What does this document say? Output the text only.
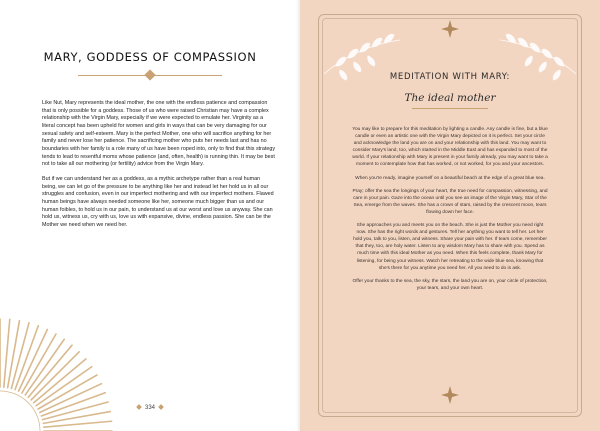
MARY, GODDESS OF COMPASSION

Like Nut, Mary represents the ideal mother, the one with the endless patience and compassion that is only possible for a goddess. Those of us who were raised Christian may have a complex relationship with the Virgin Mary, especially if we were expected to emulate her. Virginity as a literal concept has been upheld for women and girls in ways that can be very damaging for our sexual safety and self-esteem. Mary is the perfect Mother, one who will sacrifice anything for her family and never lose her patience. The sacrificing mother who puts her needs last and has no boundaries with her family is a role many of us have been roped into, only to find that this strategy tends to lead to resentful moms whose patience (and, often, health) is running thin. It may be best not to take all our mothering (or fertility) advice from the Virgin Mary.

But if we can understand her as a goddess, as a mythic archetype rather than a real human being, we can let go of the pressure to be anything like her and instead let her hold us in all our struggles and confusion, even in our imperfect mothering and with our imperfect mothers. Flawed human beings have always needed someone like her, someone much bigger than us and our human foibles, to hold us in our pain, to understand us at our worst and love us anyway. She can hold us, witness us, cry with us, love us with expansive, divine, endless passion. She can be the Mother we need when we need her.

334
MEDITATION WITH MARY:
The ideal mother

You may like to prepare for this meditation by lighting a candle. Any candle is fine, but a blue candle or even an artistic one with the Virgin Mary depicted on it is perfect. Set your circle and acknowledge the land you are on and your relationship with this land. You may want to consider Mary's land, too, which started in the Middle East and has expanded to most of the world. If your relationship with Mary is present in your family already, you may want to take a moment to contemplate how that has worked, or not worked, for you and your ancestors.

When you're ready, imagine yourself on a beautiful beach at the edge of a great blue sea.

Pray; offer the sea the longings of your heart, the true need for compassion, witnessing, and care in your pain. Gaze into the ocean until you see an image of the Virgin Mary, Star of the Sea, emerge from the waves. She has a crown of stars, raised by the crescent moon, tears flowing down her face.

She approaches you and meets you on the beach. She is just the Mother you need right now. She has the right words and gestures. Tell her anything you want to tell her. Let her hold you, talk to you, listen, and witness. Share your pain with her. If tears come, remember that they, too, are holy water. Listen to any wisdom Mary has to share with you. Spend as much time with this ideal Mother as you need. When this feels complete, thank Mary for listening, for being your witness. Watch her retreating to the wide blue sea, knowing that she's there for you anytime you need her. All you need to do is ask.

Offer your thanks to the sea, the sky, the stars, the land you are on, your circle of protection, your tears, and your own heart.
